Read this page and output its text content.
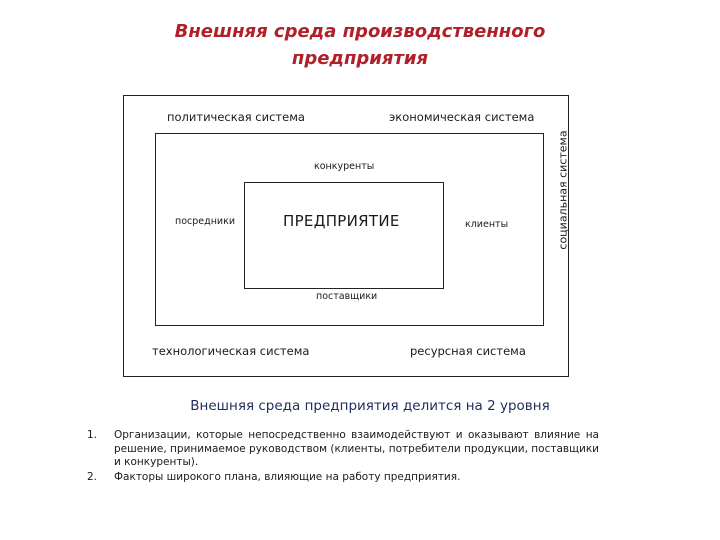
Внешняя среда производственного
предприятия
политическая система	экономическая система
социальная система
технологическая система	ресурсная система
конкуренты
посредники	клиенты
поставщики
ПРЕДПРИЯТИЕ
Внешняя среда предприятия делится на 2 уровня
1.	Организации, которые непосредственно взаимодействуют и оказывают влияние на решение, принимаемое руководством (клиенты, потребители продукции, поставщики и конкуренты).
2.	Факторы широкого плана, влияющие на работу предприятия.
